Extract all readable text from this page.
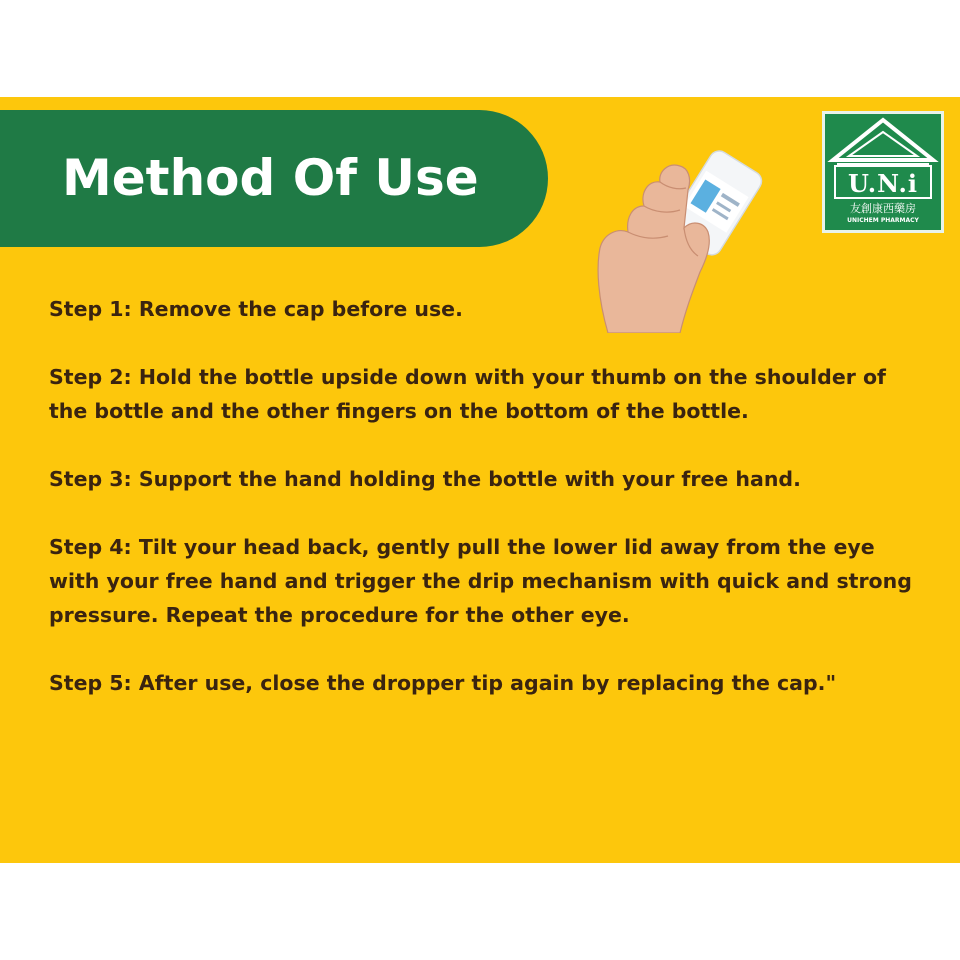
Method Of Use	U.N.i
友創康西藥房
UNICHEM PHARMACY
Step 1: Remove the cap before use.
Step 2: Hold the bottle upside down with your thumb on the shoulder of the bottle and the other fingers on the bottom of the bottle.
Step 3: Support the hand holding the bottle with your free hand.
Step 4: Tilt your head back, gently pull the lower lid away from the eye with your free hand and trigger the drip mechanism with quick and strong pressure. Repeat the procedure for the other eye.
Step 5: After use, close the dropper tip again by replacing the cap."
